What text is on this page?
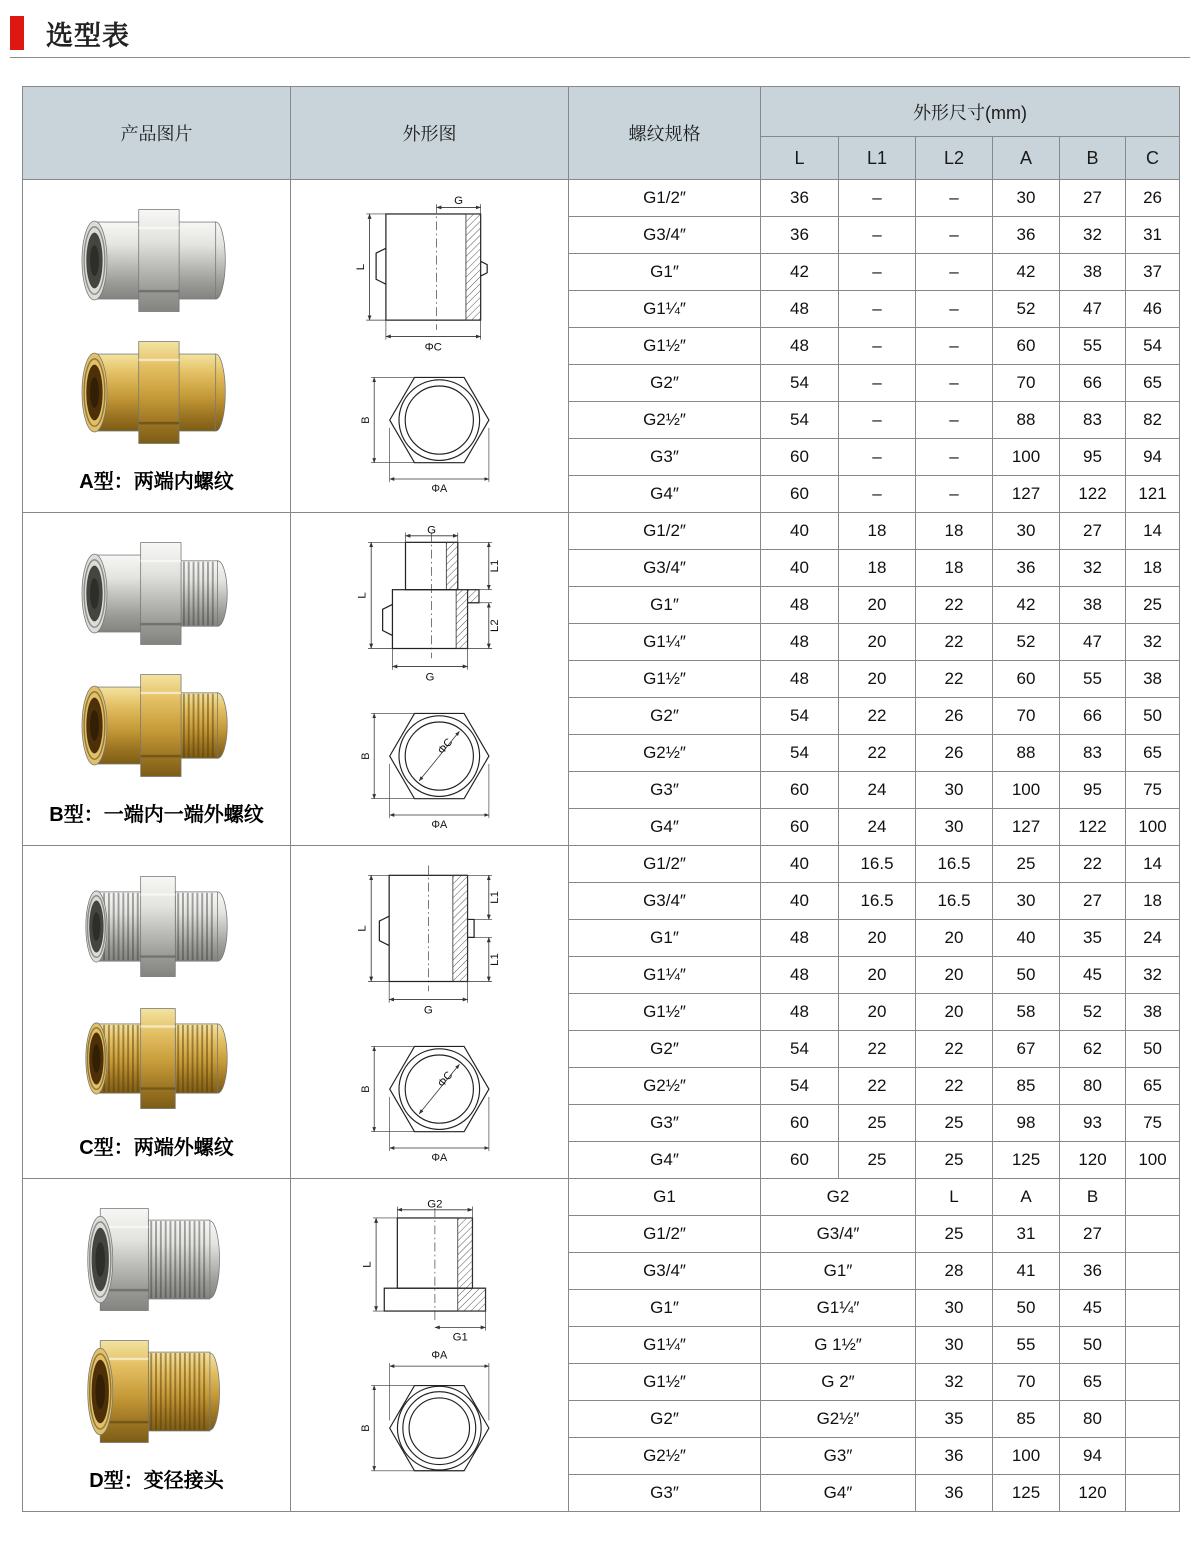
选型表
产品图片	外形图	螺纹规格	外形尺寸(mm)					
			L	L1	L2	A	B	C

A型：两端内螺纹	G
L
ΦC
B
ΦA	G1/2″	36	–	–	30	27	26
		G3/4″	36	–	–	36	32	31
		G1″	42	–	–	42	38	37
		G1¼″	48	–	–	52	47	46
		G1½″	48	–	–	60	55	54
		G2″	54	–	–	70	66	65
		G2½″	54	–	–	88	83	82
		G3″	60	–	–	100	95	94
		G4″	60	–	–	127	122	121

B型：一端内一端外螺纹

G
L1
L2
L
G
ΦC
B
ΦA
	G1/2″	40	18	18	30	27	14
		G3/4″	40	18	18	36	32	18
		G1″	48	20	22	42	38	25
		G1¼″	48	20	22	52	47	32
		G1½″	48	20	22	60	55	38
		G2″	54	22	26	70	66	50
		G2½″	54	22	26	88	83	65
		G3″	60	24	30	100	95	75
		G4″	60	24	30	127	122	100

C型：两端外螺纹

L
L1
L1
G
ΦC
B
ΦA
	G1/2″	40	16.5	16.5	25	22	14
		G3/4″	40	16.5	16.5	30	27	18
		G1″	48	20	20	40	35	24
		G1¼″	48	20	20	50	45	32
		G1½″	48	20	20	58	52	38
		G2″	54	22	22	67	62	50
		G2½″	54	22	22	85	80	65
		G3″	60	25	25	98	93	75
		G4″	60	25	25	125	120	100

D型：变径接头	G2
L
G1
ΦA
B	G1	G2		L	A	B	
		G1/2″	G3/4″		25	31	27	
		G3/4″	G1″		28	41	36	
		G1″	G1¼″		30	50	45	
		G1¼″	G 1½″		30	55	50	
		G1½″	G 2″		32	70	65	
		G2″	G2½″		35	85	80	
		G2½″	G3″		36	100	94	
		G3″	G4″		36	125	120	
